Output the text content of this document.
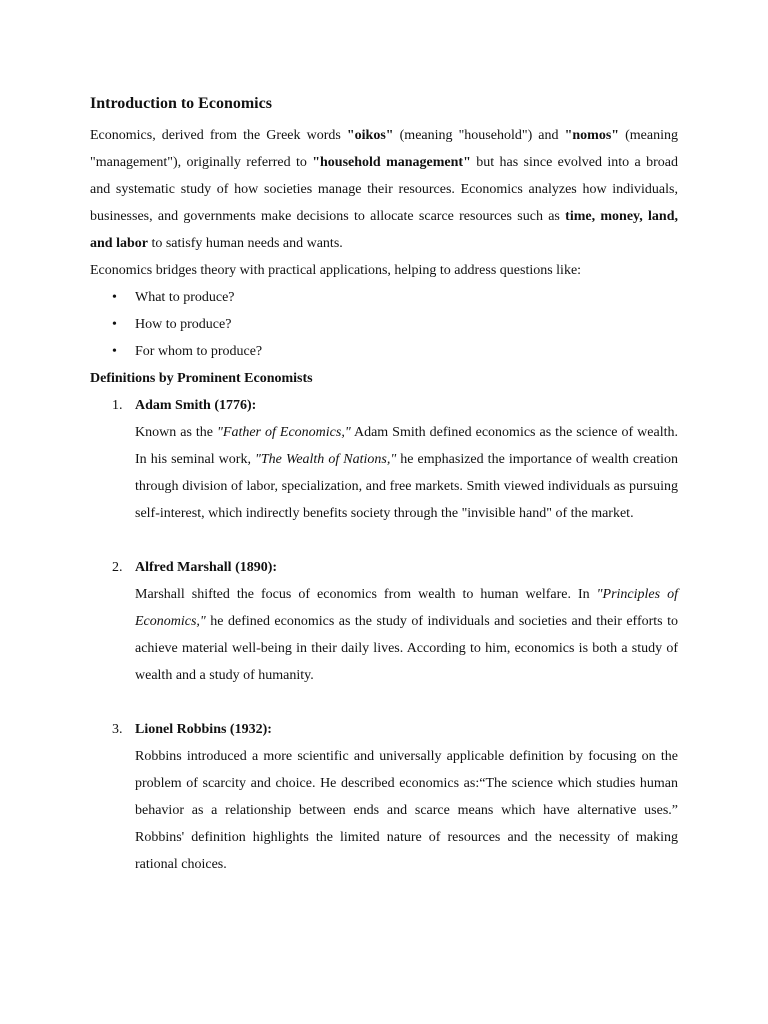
Introduction to Economics

Economics, derived from the Greek words "oikos" (meaning "household") and "nomos" (meaning "management"), originally referred to "household management" but has since evolved into a broad and systematic study of how societies manage their resources. Economics analyzes how individuals, businesses, and governments make decisions to allocate scarce resources such as time, money, land, and labor to satisfy human needs and wants.

Economics bridges theory with practical applications, helping to address questions like:

• What to produce?
• How to produce?
• For whom to produce?
Definitions by Prominent Economists
1. Adam Smith (1776):
Known as the "Father of Economics," Adam Smith defined economics as the science of wealth. In his seminal work, "The Wealth of Nations," he emphasized the importance of wealth creation through division of labor, specialization, and free markets. Smith viewed individuals as pursuing self-interest, which indirectly benefits society through the "invisible hand" of the market.
2. Alfred Marshall (1890):
Marshall shifted the focus of economics from wealth to human welfare. In "Principles of Economics," he defined economics as the study of individuals and societies and their efforts to achieve material well-being in their daily lives. According to him, economics is both a study of wealth and a study of humanity.
3. Lionel Robbins (1932):
Robbins introduced a more scientific and universally applicable definition by focusing on the problem of scarcity and choice. He described economics as:“The science which studies human behavior as a relationship between ends and scarce means which have alternative uses.” Robbins' definition highlights the limited nature of resources and the necessity of making rational choices.
